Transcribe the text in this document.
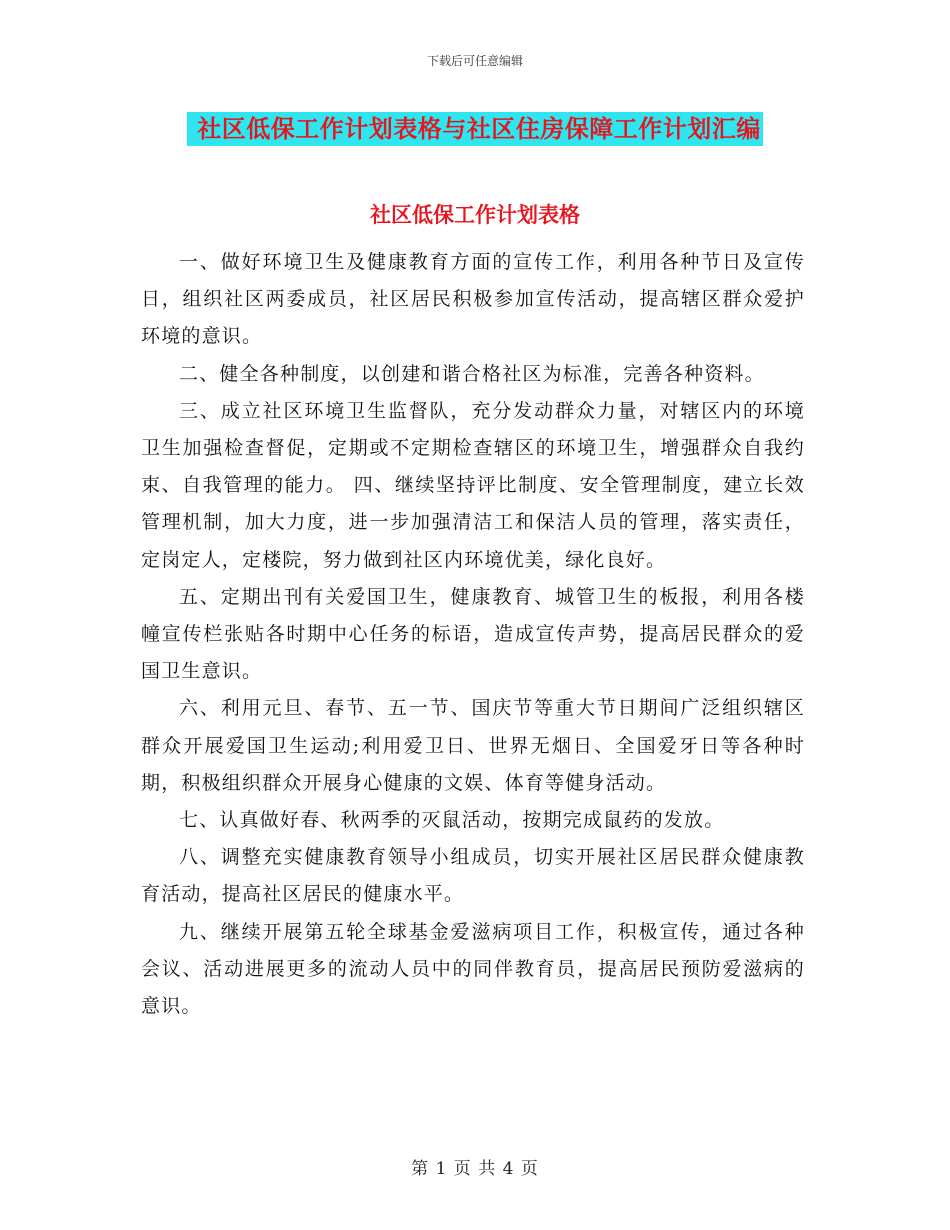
下载后可任意编辑
社区低保工作计划表格与社区住房保障工作计划汇编
社区低保工作计划表格

一、做好环境卫生及健康教育方面的宣传工作，利用各种节日及宣传日，组织社区两委成员，社区居民积极参加宣传活动，提高辖区群众爱护环境的意识。

二、健全各种制度，以创建和谐合格社区为标准，完善各种资料。

三、成立社区环境卫生监督队，充分发动群众力量，对辖区内的环境卫生加强检查督促，定期或不定期检查辖区的环境卫生，增强群众自我约束、自我管理的能力。 四、继续坚持评比制度、安全管理制度，建立长效管理机制，加大力度，进一步加强清洁工和保洁人员的管理，落实责任，定岗定人，定楼院，努力做到社区内环境优美，绿化良好。

五、定期出刊有关爱国卫生，健康教育、城管卫生的板报，利用各楼幢宣传栏张贴各时期中心任务的标语，造成宣传声势，提高居民群众的爱国卫生意识。

六、利用元旦、春节、五一节、国庆节等重大节日期间广泛组织辖区群众开展爱国卫生运动;利用爱卫日、世界无烟日、全国爱牙日等各种时期，积极组织群众开展身心健康的文娱、体育等健身活动。

七、认真做好春、秋两季的灭鼠活动，按期完成鼠药的发放。

八、调整充实健康教育领导小组成员，切实开展社区居民群众健康教育活动，提高社区居民的健康水平。

九、继续开展第五轮全球基金爱滋病项目工作，积极宣传，通过各种会议、活动进展更多的流动人员中的同伴教育员，提高居民预防爱滋病的意识。

第 1 页 共 4 页
